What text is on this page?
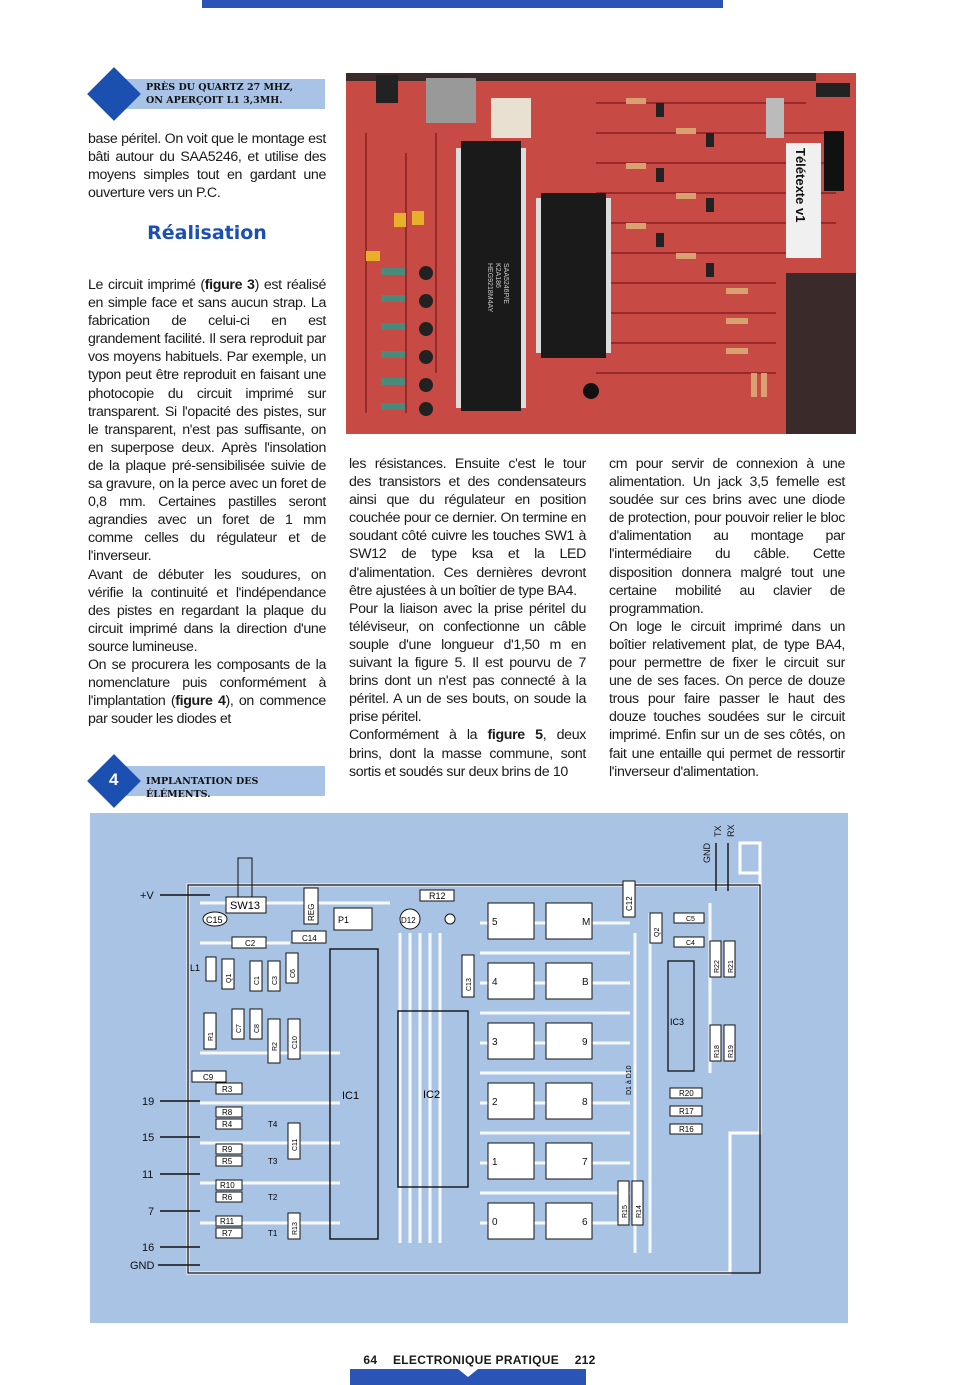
PRÈS DU QUARTZ 27 MHZ,
ON APERÇOIT L1 3,3ΜH.

base péritel. On voit que le montage est bâti autour du SAA5246, et utilise des moyens simples tout en gardant une ouverture vers un P.C.

Réalisation

Le circuit imprimé (figure 3) est réalisé en simple face et sans aucun strap. La fabrication de celui-ci en est grandement facilité. Il sera reproduit par vos moyens habituels. Par exemple, un typon peut être reproduit en faisant une photocopie du circuit imprimé sur transparent. Si l'opacité des pistes, sur le transparent, n'est pas suffisante, on en superpose deux. Après l'insolation de la plaque pré-sensibilisée suivie de sa gravure, on la perce avec un foret de 0,8 mm. Certaines pastilles seront agrandies avec un foret de 1 mm comme celles du régulateur et de l'inverseur.

Avant de débuter les soudures, on vérifie la continuité et l'indépendance des pistes en regardant la plaque du circuit imprimé dans la direction d'une source lumineuse.

On se procurera les composants de la nomenclature puis conformément à l'implantation (figure 4), on commence par souder les diodes et

4	IMPLANTATION DES ÉLÉMENTS.

les résistances. Ensuite c'est le tour des transistors et des condensateurs ainsi que du régulateur en position couchée pour ce dernier. On termine en soudant côté cuivre les touches SW1 à SW12 de type ksa et la LED d'alimentation. Ces dernières devront être ajustées à un boîtier de type BA4.

Pour la liaison avec la prise péritel du téléviseur, on confectionne un câble souple d'une longueur d'1,50 m en suivant la figure 5. Il est pourvu de 7 brins dont un n'est pas connecté à la péritel. A un de ses bouts, on soude la prise péritel.

Conformément à la figure 5, deux brins, dont la masse commune, sont sortis et soudés sur deux brins de 10

cm pour servir de connexion à une alimentation. Un jack 3,5 femelle est soudée sur ces brins avec une diode de protection, pour pouvoir relier le bloc d'alimentation au montage par l'intermédiaire du câble. Cette disposition donnera malgré tout une certaine mobilité au clavier de programmation.

On loge le circuit imprimé dans un boîtier relativement plat, de type BA4, pour permettre de fixer le circuit sur une de ses faces. On perce de douze trous pour faire passer le haut des douze touches soudées sur le circuit imprimé. Enfin sur un de ses côtés, on fait une entaille qui permet de ressortir l'inverseur d'alimentation.

SAA5246P/E
K2A186
HEG9218M4AY
Télétexte v1
+V
19
15
11
7
16
GND
GND
TX RX
SW13
C15	REG P1	D12
R12
C12
C14
C2
L1
Q1	C1 C3
C6
R1
C7 C8
R2 C10
C9
R3
R8
R4
R9
R5
R10
R6
R11
R7
T4
T3
T2
T1
C11
R13
IC1	IC2
C13
Q2
C5
C4
R22 R21
IC3
R18 R19
R20
R17
R16
D1 à D10
R15 R14
5	M
4	B
3	9
2	8
1	7
0	6
64 ELECTRONIQUE PRATIQUE 212
